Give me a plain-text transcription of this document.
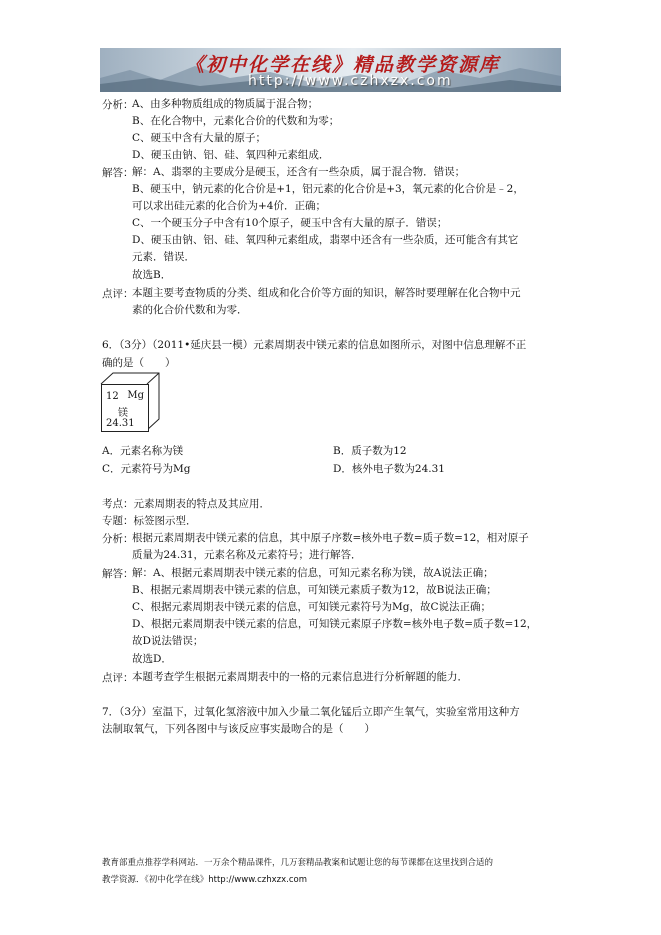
《初中化学在线》精品教学资源库
http://www.czhxzx.com
分析：
A、由多种物质组成的物质属于混合物；
B、在化合物中，元素化合价的代数和为零；
C、硬玉中含有大量的原子；
D、硬玉由钠、铝、硅、氧四种元素组成．
解答：
解：A、翡翠的主要成分是硬玉，还含有一些杂质，属于混合物．错误；
B、硬玉中，钠元素的化合价是+1，铝元素的化合价是+3，氧元素的化合价是﹣2，
可以求出硅元素的化合价为+4价．正确；
C、一个硬玉分子中含有10个原子，硬玉中含有大量的原子．错误；
D、硬玉由钠、铝、硅、氧四种元素组成，翡翠中还含有一些杂质，还可能含有其它
元素．错误．
故选B．
点评：
本题主要考查物质的分类、组成和化合价等方面的知识，解答时要理解在化合物中元
素的化合价代数和为零．
6．（3分）（2011•延庆县一模）元素周期表中镁元素的信息如图所示，对图中信息理解不正
确的是（　　）
12 Mg
镁
24.31
A．元素名称为镁	B．质子数为12
C．元素符号为Mg	D．核外电子数为24.31
考点：元素周期表的特点及其应用．
专题：标签图示型．
分析：
根据元素周期表中镁元素的信息，其中原子序数=核外电子数=质子数=12，相对原子
质量为24.31，元素名称及元素符号；进行解答．
解答：
解：A、根据元素周期表中镁元素的信息，可知元素名称为镁，故A说法正确；
B、根据元素周期表中镁元素的信息，可知镁元素质子数为12，故B说法正确；
C、根据元素周期表中镁元素的信息，可知镁元素符号为Mg，故C说法正确；
D、根据元素周期表中镁元素的信息，可知镁元素原子序数=核外电子数=质子数=12，
故D说法错误；
故选D．
点评：
本题考查学生根据元素周期表中的一格的元素信息进行分析解题的能力．
7．（3分）室温下，过氧化氢溶液中加入少量二氧化锰后立即产生氧气，实验室常用这种方
法制取氧气，下列各图中与该反应事实最吻合的是（　　）
教育部重点推荐学科网站．一万余个精品课件，几万套精品教案和试题让您的每节课都在这里找到合适的
教学资源．《初中化学在线》http://www.czhxzx.com
